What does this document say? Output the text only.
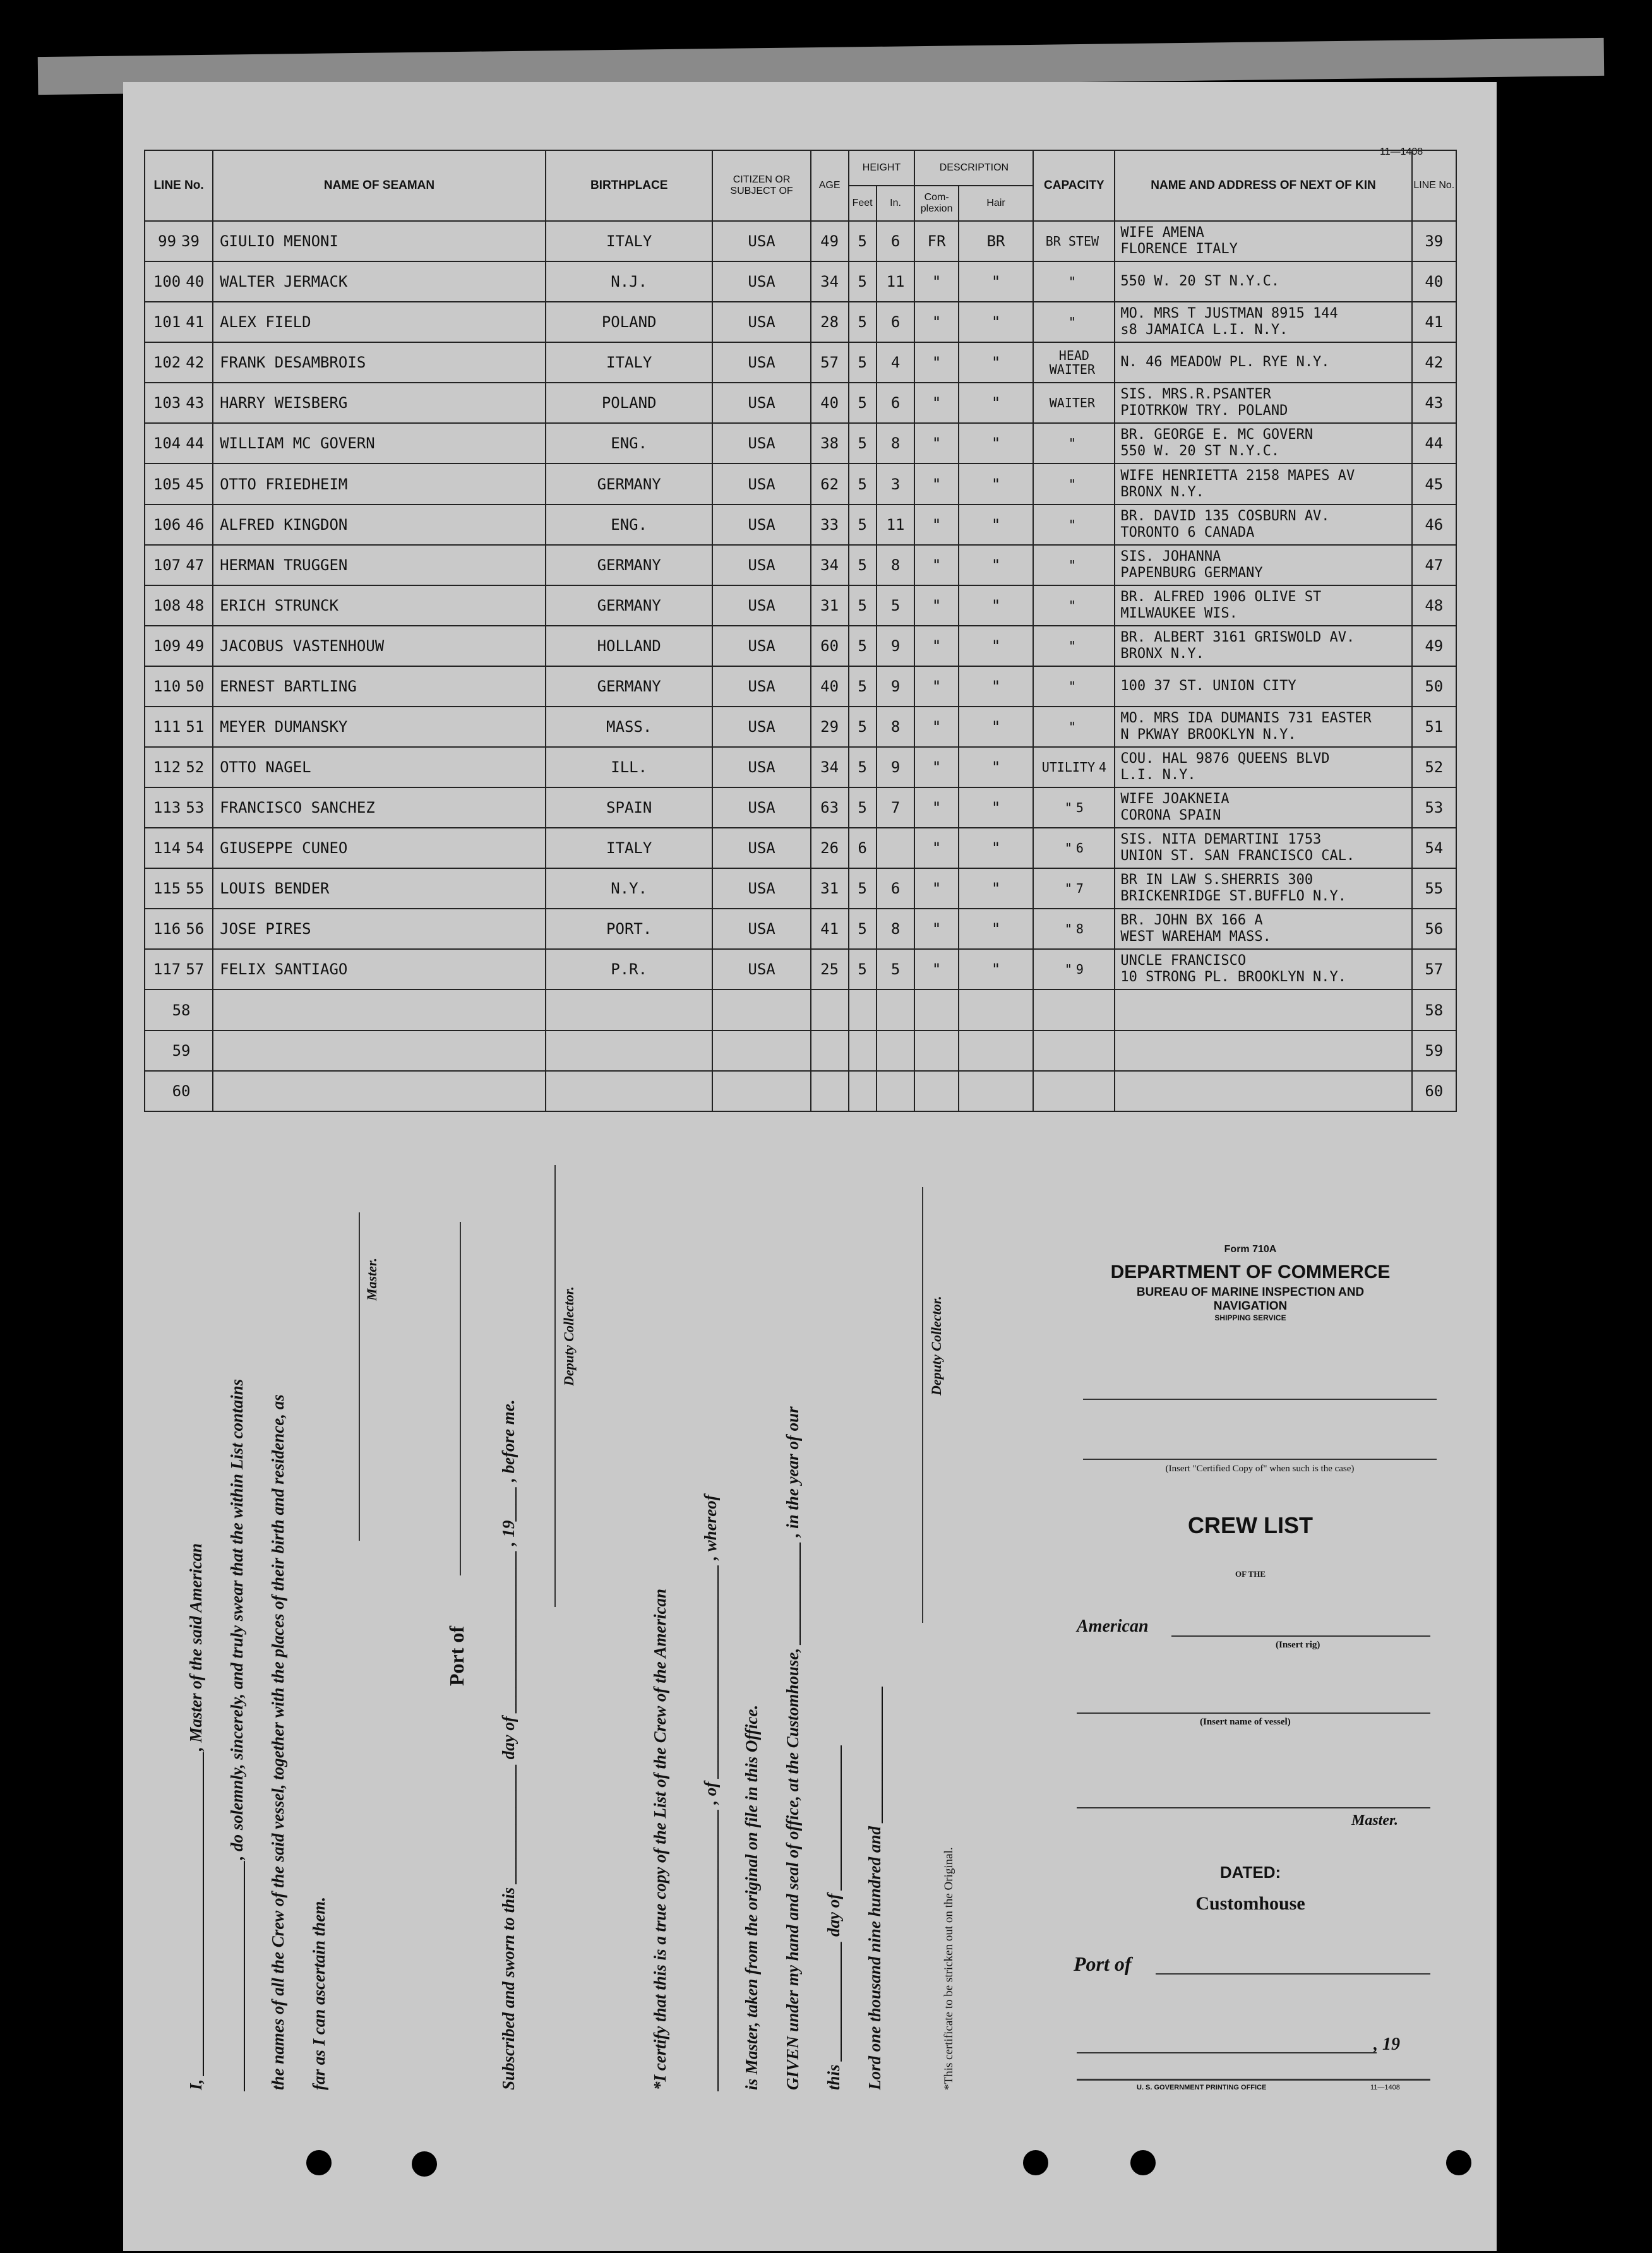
11—1408
LINE No.	NAME OF SEAMAN	BIRTHPLACE	CITIZEN OR SUBJECT OF	AGE	HEIGHT		DESCRIPTION		CAPACITY	NAME AND ADDRESS OF NEXT OF KIN	LINE No.
					Feet	In.	Com- plexion	Hair			
99 39	GIULIO MENONI	ITALY	USA	49	5	6	FR	BR	BR STEW	WIFE AMENA
FLORENCE ITALY	39
100 40	WALTER JERMACK	N.J.	USA	34	5	11	"	"	"	550 W. 20 ST N.Y.C.	40
101 41	ALEX FIELD	POLAND	USA	28	5	6	"	"	"	MO. MRS T JUSTMAN 8915 144
s8 JAMAICA L.I. N.Y.	41
102 42	FRANK DESAMBROIS	ITALY	USA	57	5	4	"	"	HEAD WAITER	N. 46 MEADOW PL. RYE N.Y.	42
103 43	HARRY WEISBERG	POLAND	USA	40	5	6	"	"	WAITER	SIS. MRS.R.PSANTER
PIOTRKOW TRY. POLAND	43
104 44	WILLIAM MC GOVERN	ENG.	USA	38	5	8	"	"	"	BR. GEORGE E. MC GOVERN
550 W. 20 ST N.Y.C.	44
105 45	OTTO FRIEDHEIM	GERMANY	USA	62	5	3	"	"	"	WIFE HENRIETTA 2158 MAPES AV
BRONX N.Y.	45
106 46	ALFRED KINGDON	ENG.	USA	33	5	11	"	"	"	BR. DAVID 135 COSBURN AV.
TORONTO 6 CANADA	46
107 47	HERMAN TRUGGEN	GERMANY	USA	34	5	8	"	"	"	SIS. JOHANNA
PAPENBURG GERMANY	47
108 48	ERICH STRUNCK	GERMANY	USA	31	5	5	"	"	"	BR. ALFRED 1906 OLIVE ST
MILWAUKEE WIS.	48
109 49	JACOBUS VASTENHOUW	HOLLAND	USA	60	5	9	"	"	"	BR. ALBERT 3161 GRISWOLD AV.
BRONX N.Y.	49
110 50	ERNEST BARTLING	GERMANY	USA	40	5	9	"	"	"	100 37 ST. UNION CITY	50
111 51	MEYER DUMANSKY	MASS.	USA	29	5	8	"	"	"	MO. MRS IDA DUMANIS 731 EASTER
N PKWAY BROOKLYN N.Y.	51
112 52	OTTO NAGEL	ILL.	USA	34	5	9	"	"	UTILITY 4	COU. HAL 9876 QUEENS BLVD
L.I. N.Y.	52
113 53	FRANCISCO SANCHEZ	SPAIN	USA	63	5	7	"	"	" 5	WIFE JOAKNEIA
CORONA SPAIN	53
114 54	GIUSEPPE CUNEO	ITALY	USA	26	6		"	"	" 6	SIS. NITA DEMARTINI 1753
UNION ST. SAN FRANCISCO CAL.	54
115 55	LOUIS BENDER	N.Y.	USA	31	5	6	"	"	" 7	BR IN LAW S.SHERRIS 300
BRICKENRIDGE ST.BUFFLO N.Y.	55
116 56	JOSE PIRES	PORT.	USA	41	5	8	"	"	" 8	BR. JOHN BX 166 A
WEST WAREHAM MASS.	56
117 57	FELIX SANTIAGO	P.R.	USA	25	5	5	"	"	" 9	UNCLE FRANCISCO
10 STRONG PL. BROOKLYN N.Y.	57
58											58
59											59
60											60
I, ______________________________________, Master of the said American ___________________________, do solemnly, sincerely, and truly swear that the within List contains the names of all the Crew of the said vessel, together with the places of their birth and residence, as far as I can ascertain them.
Master.
Port of Subscribed and sworn to this ______________ day of ___________________ , 19____ , before me.
Deputy Collector.
*I certify that this is a true copy of the List of the Crew of the American _________________________________ , of _________________________ , whereof is Master, taken from the original on file in this Office. GIVEN under my hand and seal of office, at the Customhouse, ____________ , in the year of our this ______________ day of _________________ Lord one thousand nine hundred and ________________
Deputy Collector.
*This certificate to be stricken out on the Original.
Form 710A
DEPARTMENT OF COMMERCE
BUREAU OF MARINE INSPECTION AND NAVIGATION
SHIPPING SERVICE
(Insert "Certified Copy of" when such is the case)
CREW LIST
OF THE
American
(Insert rig)
(Insert name of vessel)
Master.
DATED:
Customhouse
Port of
, 19
U. S. GOVERNMENT PRINTING OFFICE	11—1408
